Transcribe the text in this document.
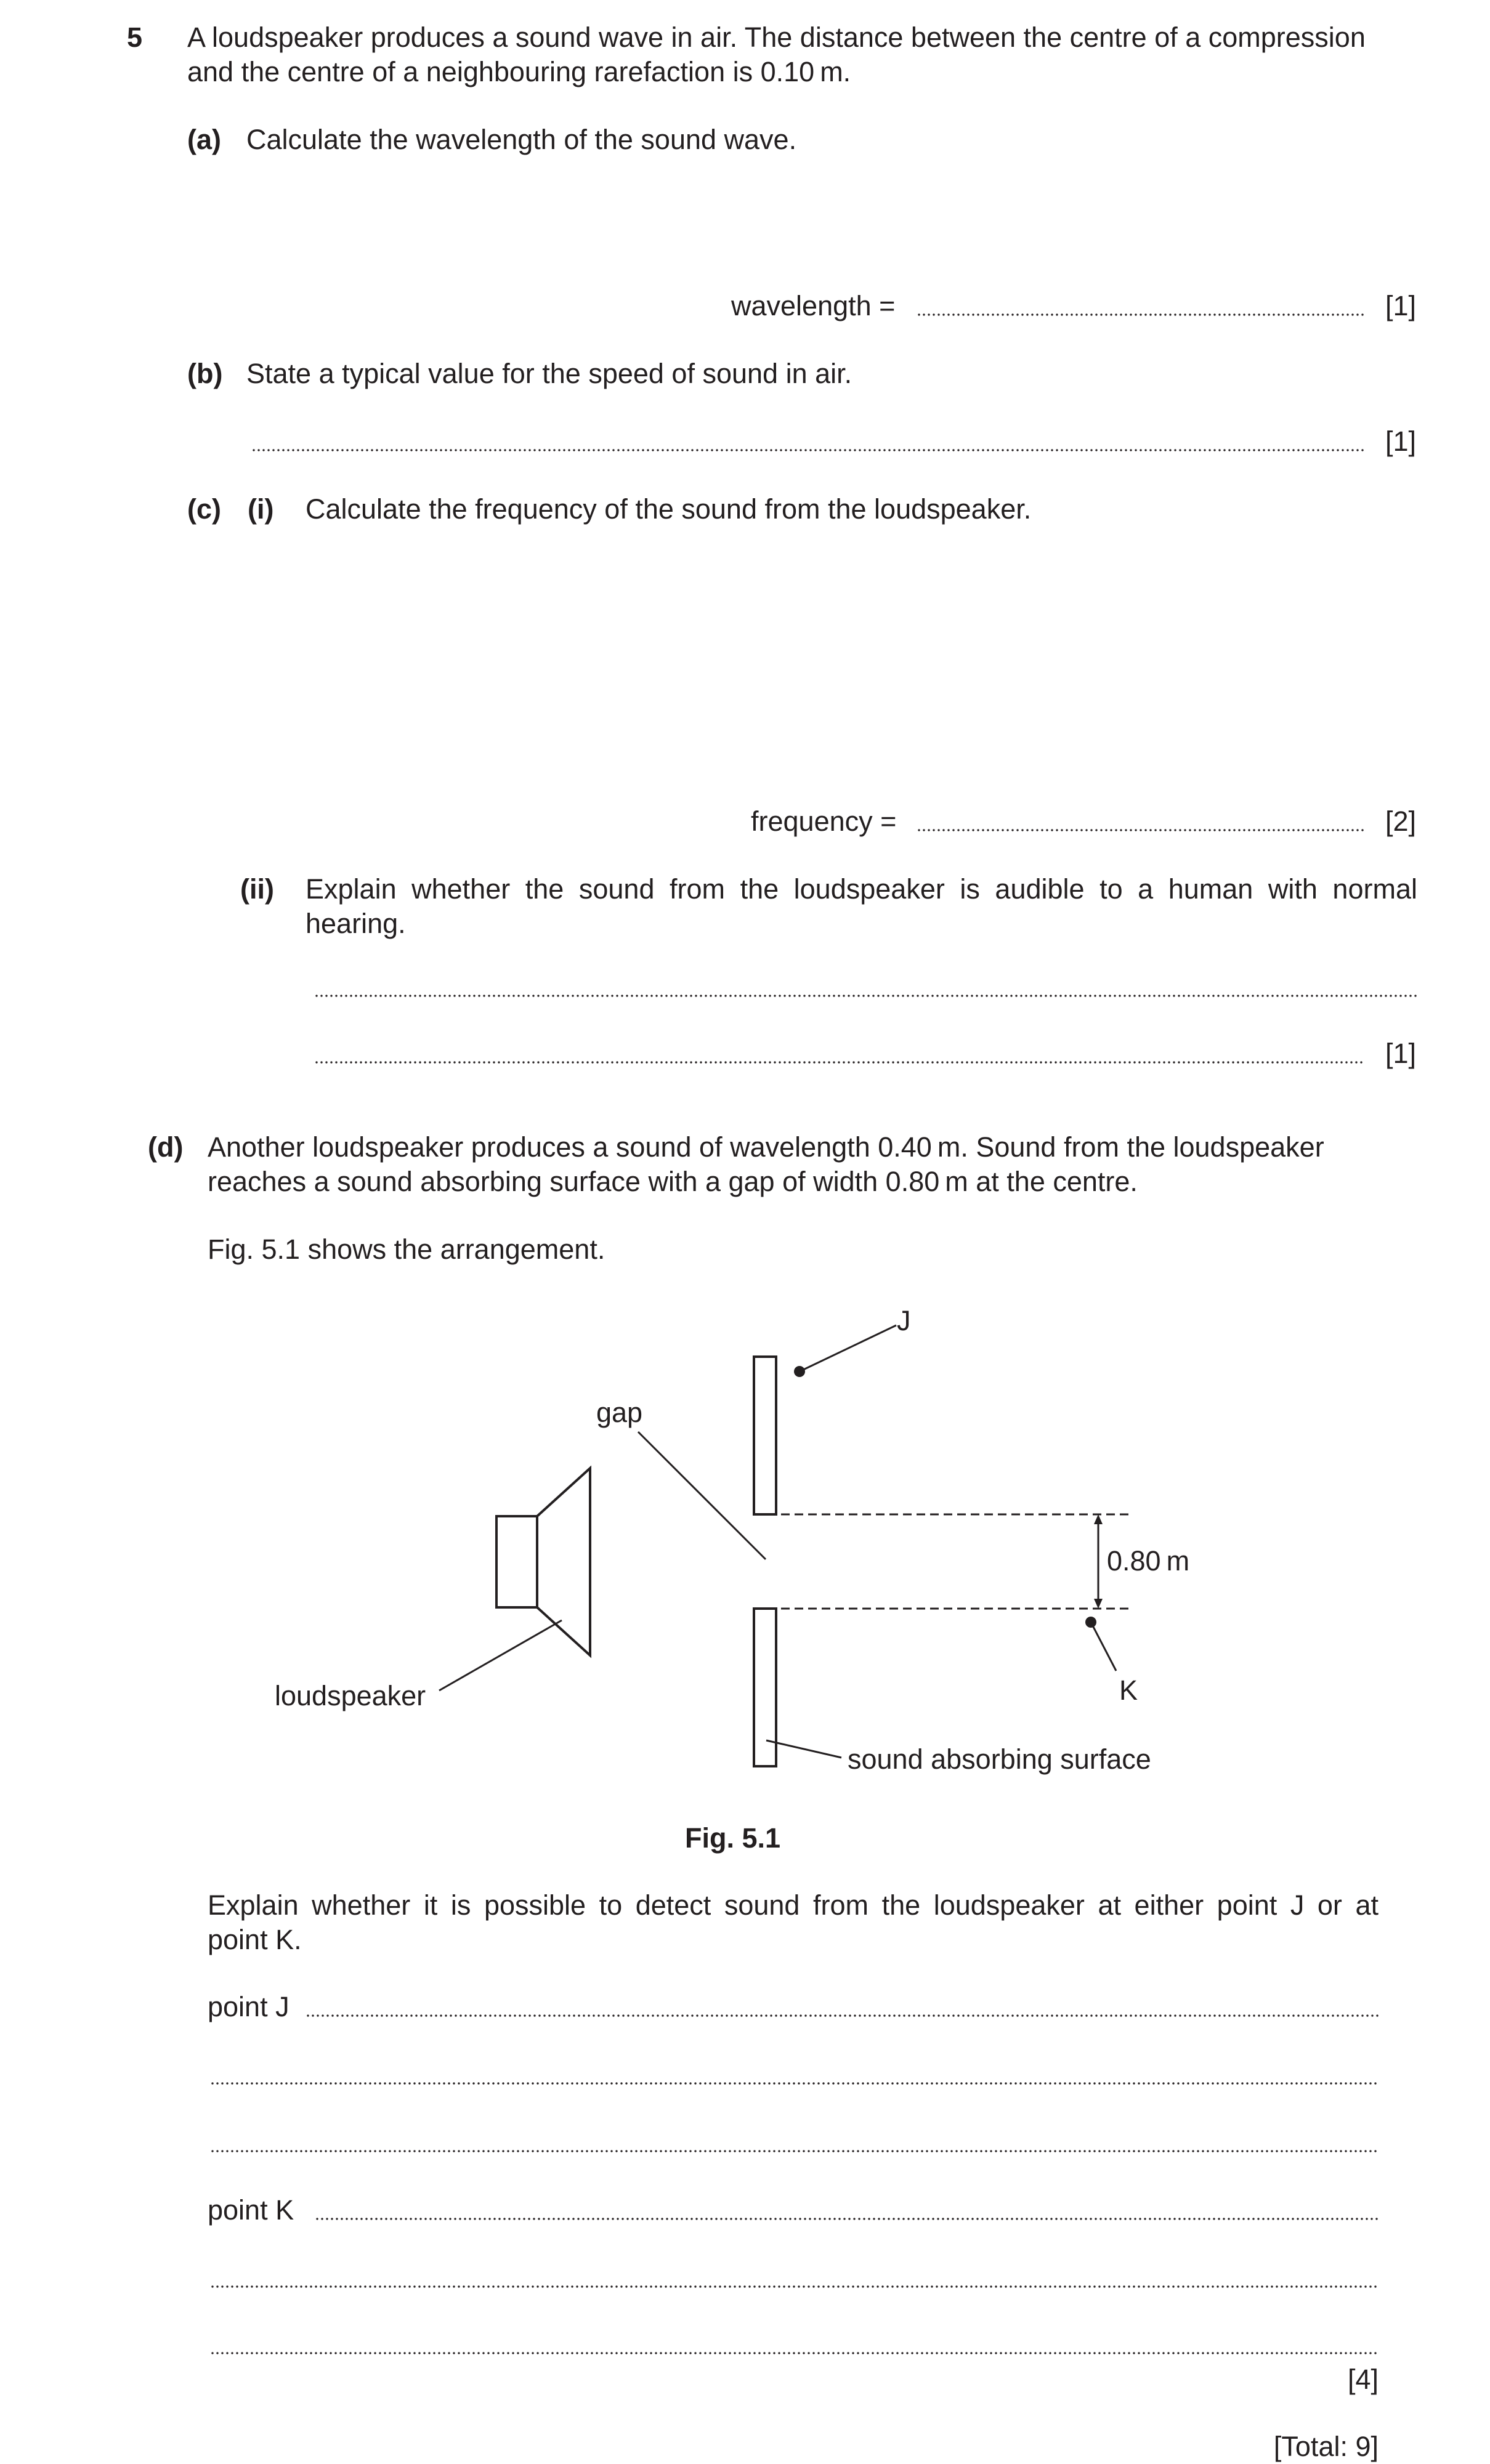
5 A loudspeaker produces a sound wave in air. The distance between the centre of a compression
and the centre of a neighbouring rarefaction is 0.10 m.
(a) Calculate the wavelength of the sound wave.
wavelength =	[1]
(b) State a typical value for the speed of sound in air.
[1]
(c) (i) Calculate the frequency of the sound from the loudspeaker.
frequency =	[2]
(ii) Explain whether the sound from the loudspeaker is audible to a human with normal
hearing.
[1]
(d) Another loudspeaker produces a sound of wavelength 0.40 m. Sound from the loudspeaker
reaches a sound absorbing surface with a gap of width 0.80 m at the centre.
Fig. 5.1 shows the arrangement.
J
gap
0.80 m
loudspeaker	K
sound absorbing surface
Fig. 5.1
Explain whether it is possible to detect sound from the loudspeaker at either point J or at
point K.
point J
point K
[4]
[Total: 9]
